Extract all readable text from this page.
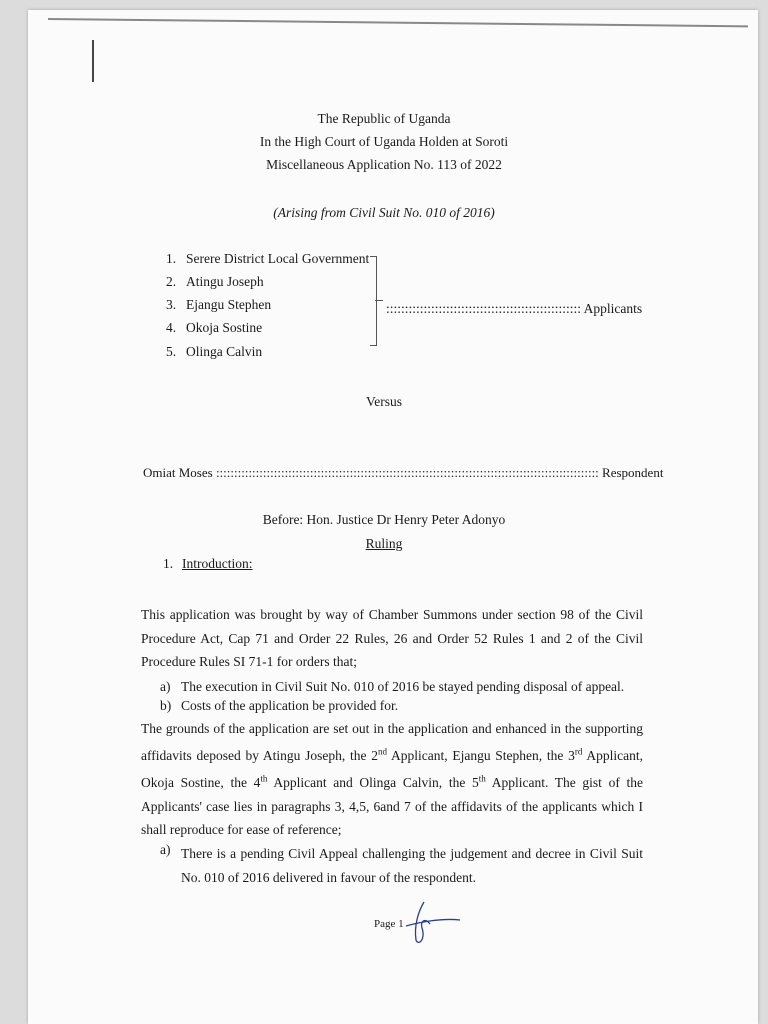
The Republic of Uganda
In the High Court of Uganda Holden at Soroti
Miscellaneous Application No. 113 of 2022
(Arising from Civil Suit No. 010 of 2016)
1. Serere District Local Government
2. Atingu Joseph
3. Ejangu Stephen
4. Okoja Sostine
5. Olinga Calvin
:::::::::::::::::::::::::::::::::::::::::::::::::::: Applicants
Versus
Omiat Moses :::::::::::::::::::::::::::::::::::::::::::::::::::::::::::::::::::::::::::::::::::::::::::::::::::::::::: Respondent
Before: Hon. Justice Dr Henry Peter Adonyo
Ruling
1. Introduction:
This application was brought by way of Chamber Summons under section 98 of the Civil Procedure Act, Cap 71 and Order 22 Rules, 26 and Order 52 Rules 1 and 2 of the Civil Procedure Rules SI 71-1 for orders that;
a) The execution in Civil Suit No. 010 of 2016 be stayed pending disposal of appeal.
b) Costs of the application be provided for.
The grounds of the application are set out in the application and enhanced in the supporting affidavits deposed by Atingu Joseph, the 2nd Applicant, Ejangu Stephen, the 3rd Applicant, Okoja Sostine, the 4th Applicant and Olinga Calvin, the 5th Applicant. The gist of the Applicants' case lies in paragraphs 3, 4,5, 6and 7 of the affidavits of the applicants which I shall reproduce for ease of reference;
a) There is a pending Civil Appeal challenging the judgement and decree in Civil Suit No. 010 of 2016 delivered in favour of the respondent.
Page 1
